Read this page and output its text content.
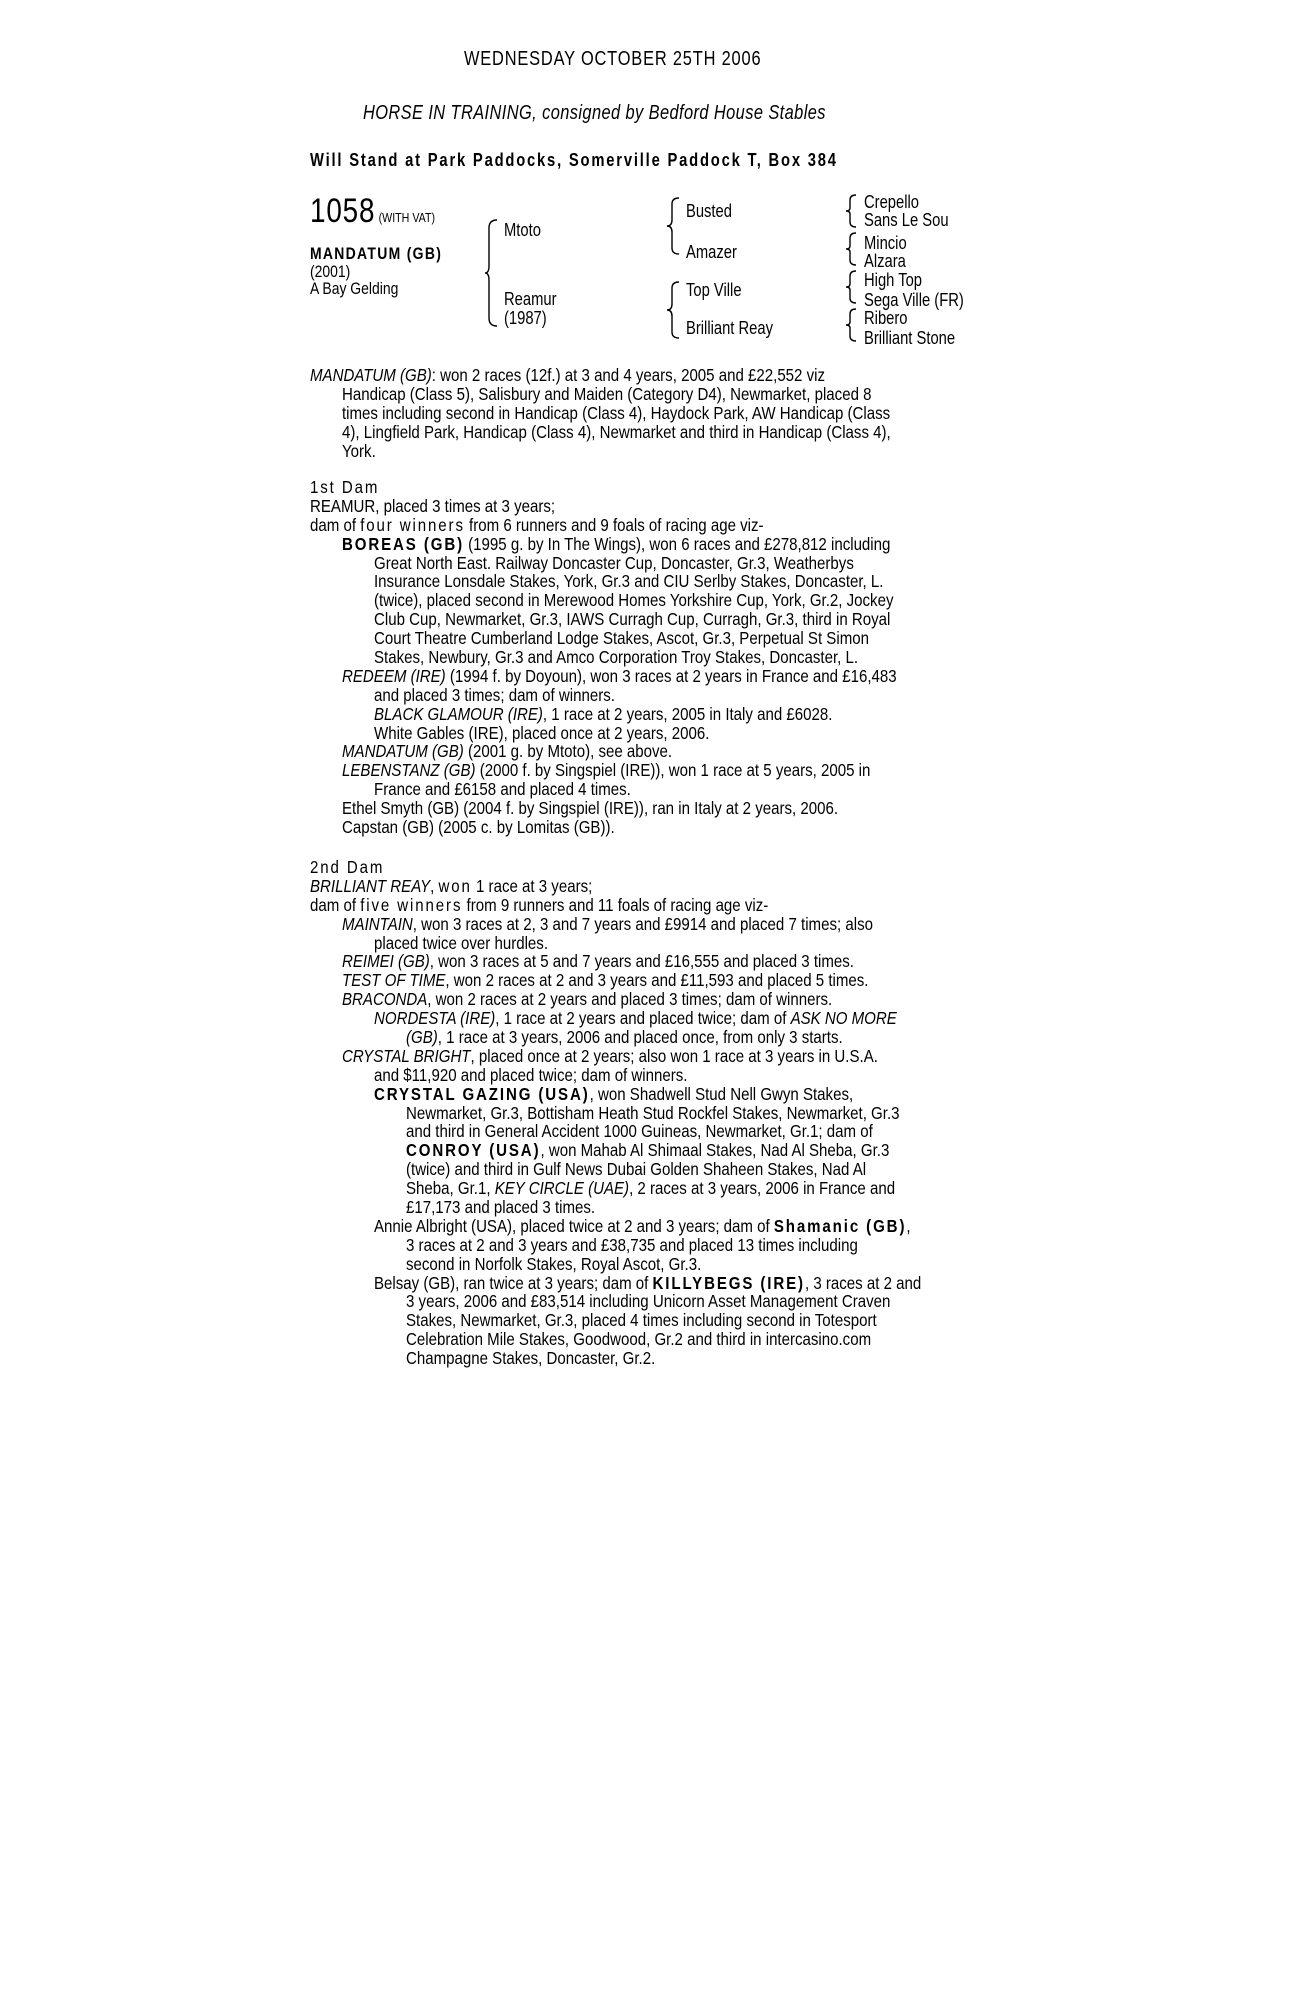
WEDNESDAY OCTOBER 25TH 2006
HORSE IN TRAINING, consigned by Bedford House Stables
Will Stand at Park Paddocks, Somerville Paddock T, Box 384
1058 (WITH VAT)
MANDATUM (GB)
(2001)
A Bay Gelding
Mtoto
Reamur
(1987)
Busted
Amazer
Top Ville
Brilliant Reay
Crepello
Sans Le Sou
Mincio
Alzara
High Top
Sega Ville (FR)
Ribero
Brilliant Stone
MANDATUM (GB): won 2 races (12f.) at 3 and 4 years, 2005 and £22,552 viz
Handicap (Class 5), Salisbury and Maiden (Category D4), Newmarket, placed 8
times including second in Handicap (Class 4), Haydock Park, AW Handicap (Class
4), Lingfield Park, Handicap (Class 4), Newmarket and third in Handicap (Class 4),
York.
1st Dam
REAMUR, placed 3 times at 3 years;
dam of four winners from 6 runners and 9 foals of racing age viz-
BOREAS (GB) (1995 g. by In The Wings), won 6 races and £278,812 including
Great North East. Railway Doncaster Cup, Doncaster, Gr.3, Weatherbys
Insurance Lonsdale Stakes, York, Gr.3 and CIU Serlby Stakes, Doncaster, L.
(twice), placed second in Merewood Homes Yorkshire Cup, York, Gr.2, Jockey
Club Cup, Newmarket, Gr.3, IAWS Curragh Cup, Curragh, Gr.3, third in Royal
Court Theatre Cumberland Lodge Stakes, Ascot, Gr.3, Perpetual St Simon
Stakes, Newbury, Gr.3 and Amco Corporation Troy Stakes, Doncaster, L.
REDEEM (IRE) (1994 f. by Doyoun), won 3 races at 2 years in France and £16,483
and placed 3 times; dam of winners.
BLACK GLAMOUR (IRE), 1 race at 2 years, 2005 in Italy and £6028.
White Gables (IRE), placed once at 2 years, 2006.
MANDATUM (GB) (2001 g. by Mtoto), see above.
LEBENSTANZ (GB) (2000 f. by Singspiel (IRE)), won 1 race at 5 years, 2005 in
France and £6158 and placed 4 times.
Ethel Smyth (GB) (2004 f. by Singspiel (IRE)), ran in Italy at 2 years, 2006.
Capstan (GB) (2005 c. by Lomitas (GB)).
2nd Dam
BRILLIANT REAY, won 1 race at 3 years;
dam of five winners from 9 runners and 11 foals of racing age viz-
MAINTAIN, won 3 races at 2, 3 and 7 years and £9914 and placed 7 times; also
placed twice over hurdles.
REIMEI (GB), won 3 races at 5 and 7 years and £16,555 and placed 3 times.
TEST OF TIME, won 2 races at 2 and 3 years and £11,593 and placed 5 times.
BRACONDA, won 2 races at 2 years and placed 3 times; dam of winners.
NORDESTA (IRE), 1 race at 2 years and placed twice; dam of ASK NO MORE
(GB), 1 race at 3 years, 2006 and placed once, from only 3 starts.
CRYSTAL BRIGHT, placed once at 2 years; also won 1 race at 3 years in U.S.A.
and $11,920 and placed twice; dam of winners.
CRYSTAL GAZING (USA), won Shadwell Stud Nell Gwyn Stakes,
Newmarket, Gr.3, Bottisham Heath Stud Rockfel Stakes, Newmarket, Gr.3
and third in General Accident 1000 Guineas, Newmarket, Gr.1; dam of
CONROY (USA), won Mahab Al Shimaal Stakes, Nad Al Sheba, Gr.3
(twice) and third in Gulf News Dubai Golden Shaheen Stakes, Nad Al
Sheba, Gr.1, KEY CIRCLE (UAE), 2 races at 3 years, 2006 in France and
£17,173 and placed 3 times.
Annie Albright (USA), placed twice at 2 and 3 years; dam of Shamanic (GB),
3 races at 2 and 3 years and £38,735 and placed 13 times including
second in Norfolk Stakes, Royal Ascot, Gr.3.
Belsay (GB), ran twice at 3 years; dam of KILLYBEGS (IRE), 3 races at 2 and
3 years, 2006 and £83,514 including Unicorn Asset Management Craven
Stakes, Newmarket, Gr.3, placed 4 times including second in Totesport
Celebration Mile Stakes, Goodwood, Gr.2 and third in intercasino.com
Champagne Stakes, Doncaster, Gr.2.
